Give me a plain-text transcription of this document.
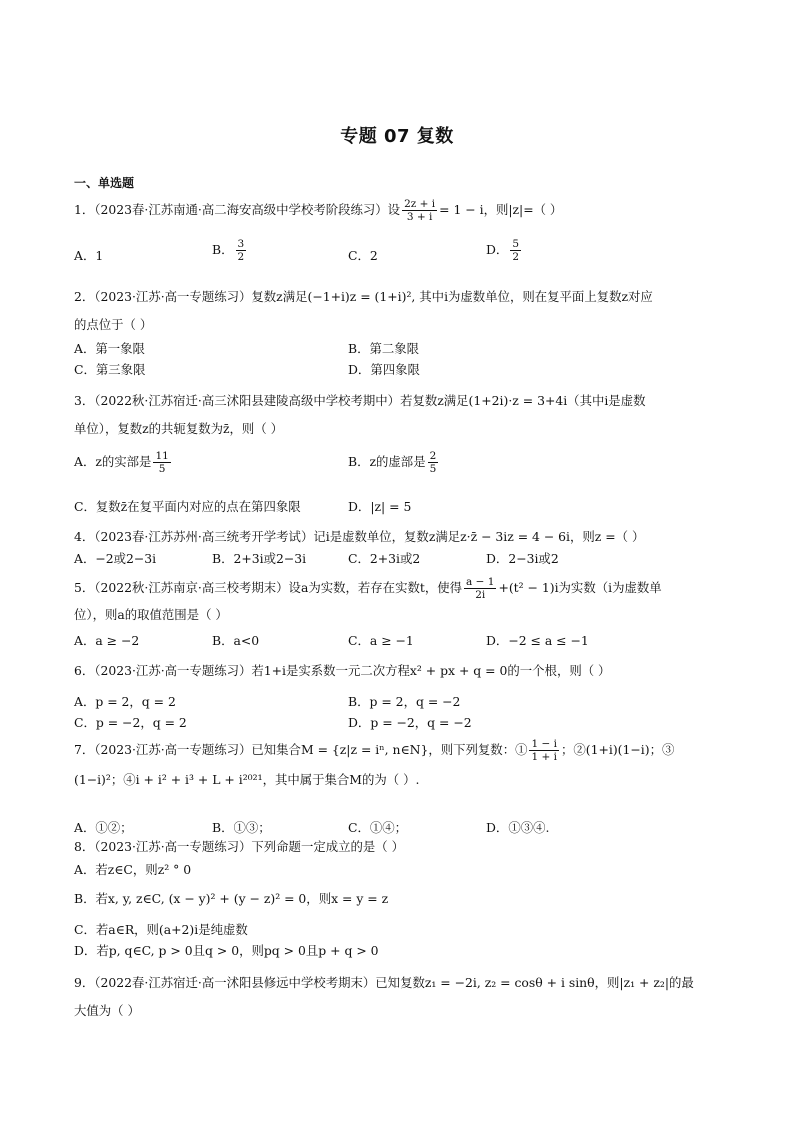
专题 07 复数
一、单选题
1．（2023春·江苏南通·高二海安高级中学校考阶段练习）设 $\frac{2z + i}{3 + i} = 1 - i$，则|z|=（ ）
A．1	B． $\frac{3}{2}$	C．2	D． $\frac{5}{2}$
2．（2023·江苏·高一专题练习）复数z满足(−1+i)z = (1+i)², 其中i为虚数单位，则在复平面上复数z对应
的点位于（ ）
A．第一象限	B．第二象限
C．第三象限	D．第四象限
3．（2022秋·江苏宿迁·高三沭阳县建陵高级中学校考期中）若复数z满足(1+2i)·z = 3+4i（其中i是虚数
单位），复数z的共轭复数为z̄，则（ ）
A．z的实部是 $\frac{11}{5}$	B．z的虚部是 $\frac{2}{5}$
C．复数z̄在复平面内对应的点在第四象限	D．|z| = 5
4．（2023春·江苏苏州·高三统考开学考试）记i是虚数单位，复数z满足z·z̄ − 3iz = 4 − 6i，则z =（ ）
A．−2或2−3i	B．2+3i或2−3i	C．2+3i或2	D．2−3i或2
5．（2022秋·江苏南京·高三校考期末）设a为实数，若存在实数t，使得 $\frac{a - 1}{2i} +(t^2 - 1)i$为实数（i为虚数单
位），则a的取值范围是（ ）
A．a ≥ −2	B．a<0	C．a ≥ −1	D．−2 ≤ a ≤ −1
6．（2023·江苏·高一专题练习）若1+i是实系数一元二次方程x² + px + q = 0的一个根，则（ ）
A．p = 2，q = 2	B．p = 2，q = −2
C．p = −2，q = 2	D．p = −2，q = −2
7．（2023·江苏·高一专题练习）已知集合M = {z|z = iⁿ, n∈N}，则下列复数：① $\frac{1 - i}{1 + i}$ ；②(1+i)(1−i)；③
(1−i)²；④i + i² + i³ + L + i²⁰²¹，其中属于集合M的为（ ）.
A．①②；	B．①③；	C．①④；	D．①③④.
8．（2023·江苏·高一专题练习）下列命题一定成立的是（ ）
A．若z∈C，则z² ° 0
B．若x, y, z∈C, (x − y)² + (y − z)² = 0，则x = y = z
C．若a∈R，则(a+2)i是纯虚数
D．若p, q∈C, p > 0且q > 0，则pq > 0且p + q > 0
9．（2022春·江苏宿迁·高一沭阳县修远中学校考期末）已知复数z₁ = −2i, z₂ = cosθ + i sinθ，则|z₁ + z₂|的最
大值为（ ）
